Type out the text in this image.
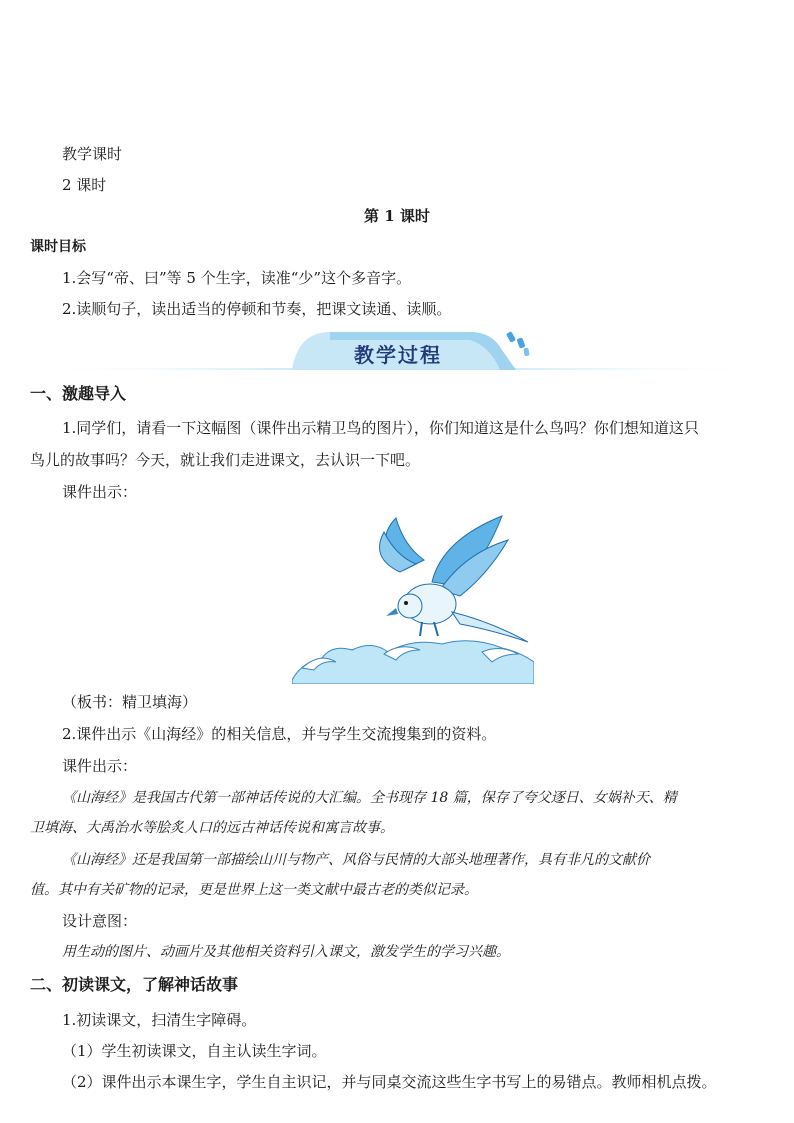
教学课时
2 课时
第 1 课时
课时目标
1.会写“帝、曰”等 5 个生字，读准“少”这个多音字。
2.读顺句子，读出适当的停顿和节奏，把课文读通、读顺。
教学过程
一、激趣导入
1.同学们，请看一下这幅图（课件出示精卫鸟的图片），你们知道这是什么鸟吗？你们想知道这只
鸟儿的故事吗？今天，就让我们走进课文，去认识一下吧。
课件出示：
（板书：精卫填海）
2.课件出示《山海经》的相关信息，并与学生交流搜集到的资料。
课件出示：
《山海经》是我国古代第一部神话传说的大汇编。全书现存 18 篇，保存了夸父逐日、女娲补天、精
卫填海、大禹治水等脍炙人口的远古神话传说和寓言故事。
《山海经》还是我国第一部描绘山川与物产、风俗与民情的大部头地理著作，具有非凡的文献价
值。其中有关矿物的记录，更是世界上这一类文献中最古老的类似记录。
设计意图：
用生动的图片、动画片及其他相关资料引入课文，激发学生的学习兴趣。
二、初读课文，了解神话故事
1.初读课文，扫清生字障碍。
（1）学生初读课文，自主认读生字词。
（2）课件出示本课生字，学生自主识记，并与同桌交流这些生字书写上的易错点。教师相机点拨。
